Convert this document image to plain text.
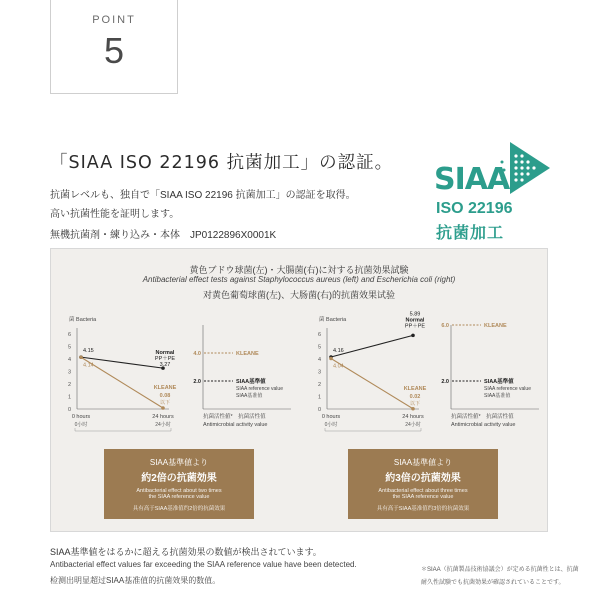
POINT
5
「SIAA ISO 22196 抗菌加工」の認証。
抗菌レベルも、独自で「SIAA ISO 22196 抗菌加工」の認証を取得。
高い抗菌性能を証明します。
無機抗菌剤・練り込み・本体　JP0122896X0001K
SIAA
ISO 22196
抗菌加工
黄色ブドウ球菌(左)・大腸菌(右)に対する抗菌効果試験
Antibacterial effect tests against Staphylococcus aureus (left) and Escherichia coli (right)
对黄色葡萄球菌(左)、大肠菌(右)的抗菌效果试验
菌 Bacteria
0
1
2
3
4
5
6
0 hours
0小时
24 hours
24小时
4.15	Normal
PP＋PE
3.27
4.14
KLEANE
0.08
以下
菌 Bacteria
0
1
2
3
4
5
6
0 hours
0小时
24 hours
24小时
4.16
Normal
PP＋PE
5.89
4.04
KLEANE
0.02
以下
4.0	KLEANE
2.0	SIAA基準値
SIAA reference value
SIAA基准值
抗菌活性値*　抗菌活性值
Antimicrobial activity value
6.0	KLEANE
2.0	SIAA基準値
SIAA reference value
SIAA基准值
抗菌活性値*　抗菌活性值
Antimicrobial activity value
SIAA基準値より
約2倍の抗菌効果
Antibacterial effect about two times
the SIAA reference value
具有高于SIAA基准值约2倍的抗菌效果
SIAA基準値より
約3倍の抗菌効果
Antibacterial effect about three times
the SIAA reference value
具有高于SIAA基准值约3倍的抗菌效果
SIAA基準値をはるかに超える抗菌効果の数値が検出されています。
Antibacterial effect values far exceeding the SIAA reference value have been detected.
检测出明显超过SIAA基准值的抗菌效果的数值。
＊SIAA（抗菌製品技術協議会）が定める抗菌性とは、抗菌
耐久性試験でも抗菌効果が確認されていることです。
